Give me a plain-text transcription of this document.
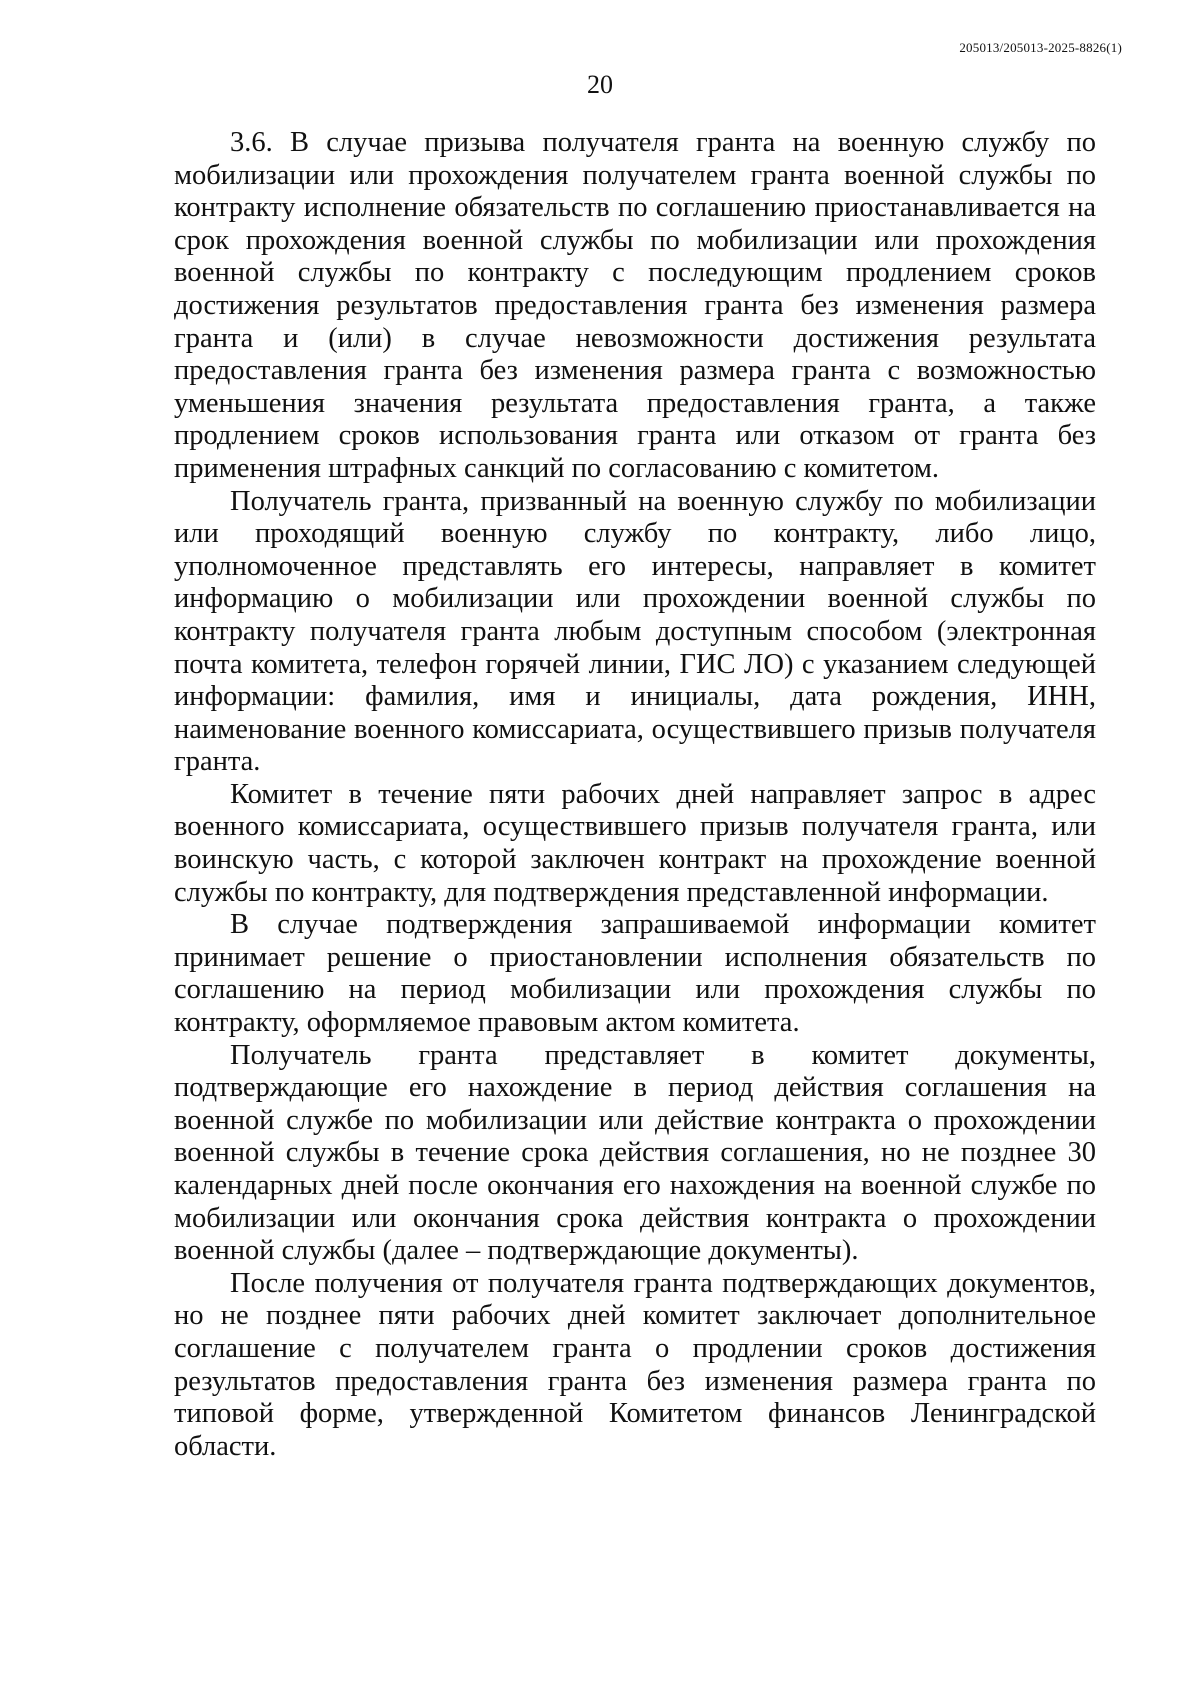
205013/205013-2025-8826(1)
20

3.6. В случае призыва получателя гранта на военную службу по мобилизации или прохождения получателем гранта военной службы по контракту исполнение обязательств по соглашению приостанавливается на срок прохождения военной службы по мобилизации или прохождения военной службы по контракту с последующим продлением сроков достижения результатов предоставления гранта без изменения размера гранта и (или) в случае невозможности достижения результата предоставления гранта без изменения размера гранта с возможностью уменьшения значения результата предоставления гранта, а также продлением сроков использования гранта или отказом от гранта без применения штрафных санкций по согласованию с комитетом.

Получатель гранта, призванный на военную службу по мобилизации или проходящий военную службу по контракту, либо лицо, уполномоченное представлять его интересы, направляет в комитет информацию о мобилизации или прохождении военной службы по контракту получателя гранта любым доступным способом (электронная почта комитета, телефон горячей линии, ГИС ЛО) с указанием следующей информации: фамилия, имя и инициалы, дата рождения, ИНН, наименование военного комиссариата, осуществившего призыв получателя гранта.

Комитет в течение пяти рабочих дней направляет запрос в адрес военного комиссариата, осуществившего призыв получателя гранта, или воинскую часть, с которой заключен контракт на прохождение военной службы по контракту, для подтверждения представленной информации.

В случае подтверждения запрашиваемой информации комитет принимает решение о приостановлении исполнения обязательств по соглашению на период мобилизации или прохождения службы по контракту, оформляемое правовым актом комитета.

Получатель гранта представляет в комитет документы, подтверждающие его нахождение в период действия соглашения на военной службе по мобилизации или действие контракта о прохождении военной службы в течение срока действия соглашения, но не позднее 30 календарных дней после окончания его нахождения на военной службе по мобилизации или окончания срока действия контракта о прохождении военной службы (далее – подтверждающие документы).

После получения от получателя гранта подтверждающих документов, но не позднее пяти рабочих дней комитет заключает дополнительное соглашение с получателем гранта о продлении сроков достижения результатов предоставления гранта без изменения размера гранта по типовой форме, утвержденной Комитетом финансов Ленинградской области.
